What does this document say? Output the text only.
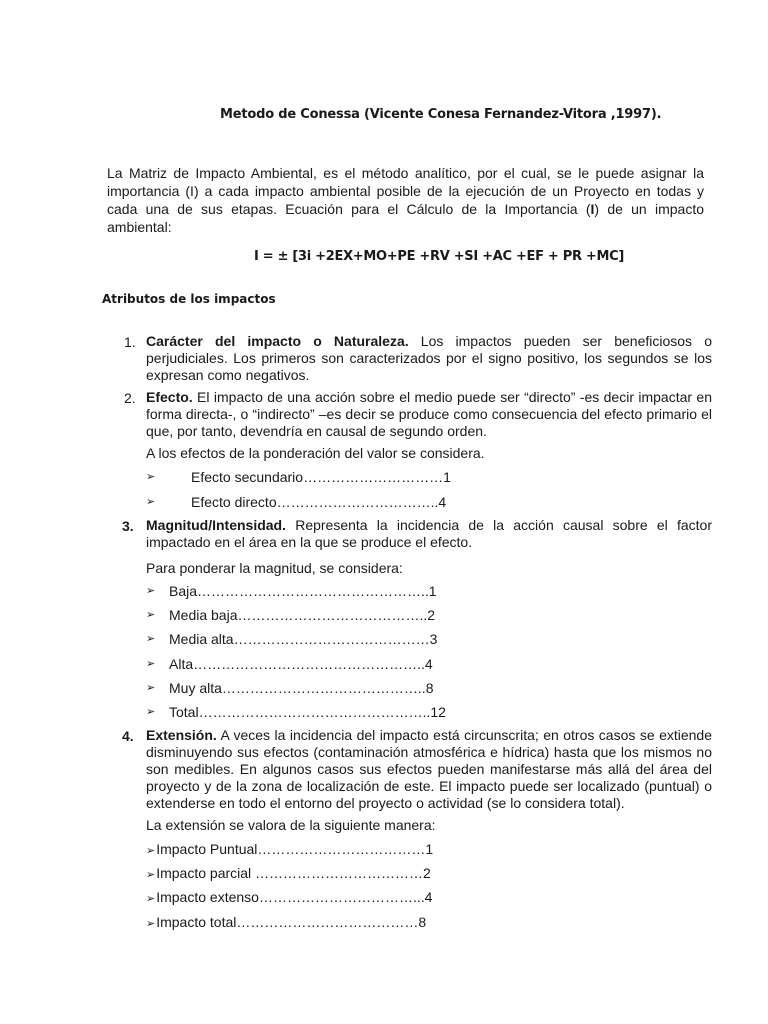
Metodo de Conessa (Vicente Conesa Fernandez-Vitora ,1997).
La Matriz de Impacto Ambiental, es el método analítico, por el cual, se le puede asignar la importancia (I) a cada impacto ambiental posible de la ejecución de un Proyecto en todas y cada una de sus etapas. Ecuación para el Cálculo de la Importancia (I) de un impacto ambiental:
I = ± [3i +2EX+MO+PE +RV +SI +AC +EF + PR +MC]
Atributos de los impactos
1. Carácter del impacto o Naturaleza. Los impactos pueden ser beneficiosos o perjudiciales. Los primeros son caracterizados por el signo positivo, los segundos se los expresan como negativos.
2. Efecto. El impacto de una acción sobre el medio puede ser “directo” -es decir impactar en forma directa-, o “indirecto” –es decir se produce como consecuencia del efecto primario el que, por tanto, devendría en causal de segundo orden.
A los efectos de la ponderación del valor se considera.
➢	Efecto secundario…………………………1
➢	Efecto directo……………………………..4
3. Magnitud/Intensidad. Representa la incidencia de la acción causal sobre el factor impactado en el área en la que se produce el efecto.
Para ponderar la magnitud, se considera:
➢ Baja…………………………………………..1
➢ Media baja…………………………………..2
➢ Media alta……………………………………3
➢ Alta…………………………………………..4
➢ Muy alta……………………………………..8
➢ Total…………………………………………..12
4. Extensión. A veces la incidencia del impacto está circunscrita; en otros casos se extiende disminuyendo sus efectos (contaminación atmosférica e hídrica) hasta que los mismos no son medibles. En algunos casos sus efectos pueden manifestarse más allá del área del proyecto y de la zona de localización de este. El impacto puede ser localizado (puntual) o extenderse en todo el entorno del proyecto o actividad (se lo considera total).
La extensión se valora de la siguiente manera:
➢Impacto Puntual………………………………1
➢Impacto parcial ………………………………2
➢Impacto extenso……………………………...4
➢Impacto total…………………………………8
